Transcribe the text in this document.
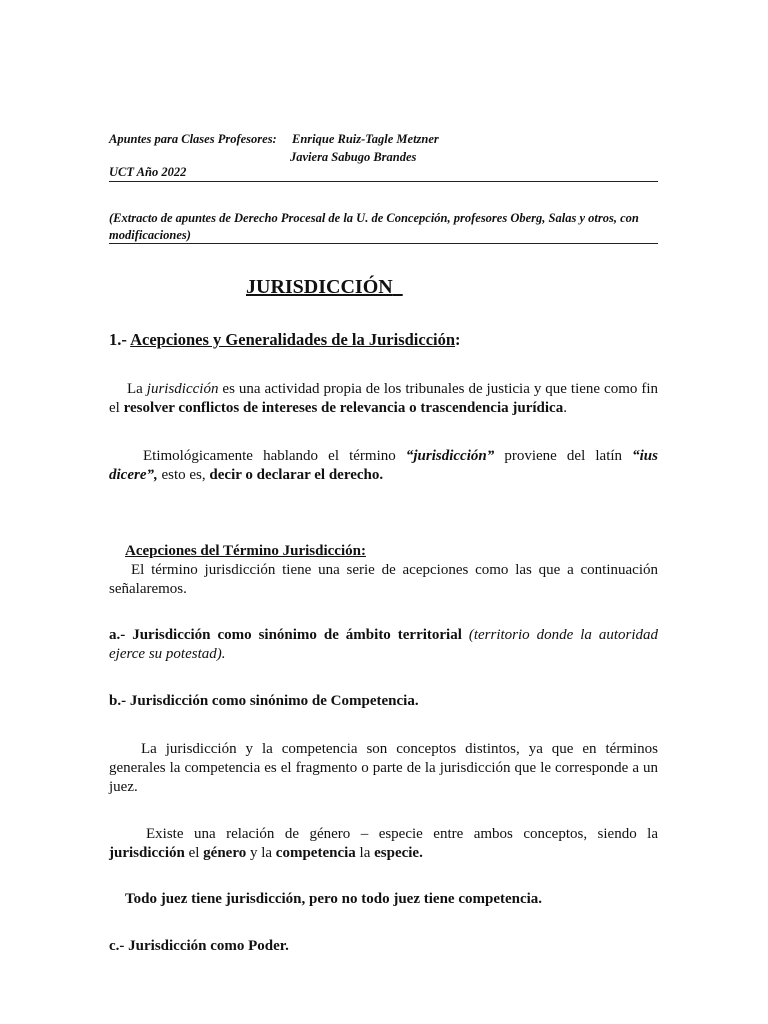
Apuntes para Clases Profesores: Enrique Ruiz-Tagle Metzner
Javiera Sabugo Brandes
UCT Año 2022
(Extracto de apuntes de Derecho Procesal de la U. de Concepción, profesores Oberg, Salas y otros, con modificaciones)
JURISDICCIÓN
1.- Acepciones y Generalidades de la Jurisdicción:
La jurisdicción es una actividad propia de los tribunales de justicia y que tiene como fin el resolver conflictos de intereses de relevancia o trascendencia jurídica.
Etimológicamente hablando el término “jurisdicción” proviene del latín “ius dicere”, esto es, decir o declarar el derecho.
Acepciones del Término Jurisdicción:
El término jurisdicción tiene una serie de acepciones como las que a continuación señalaremos.
a.- Jurisdicción como sinónimo de ámbito territorial (territorio donde la autoridad ejerce su potestad).
b.- Jurisdicción como sinónimo de Competencia.
La jurisdicción y la competencia son conceptos distintos, ya que en términos generales la competencia es el fragmento o parte de la jurisdicción que le corresponde a un juez.
Existe una relación de género – especie entre ambos conceptos, siendo la jurisdicción el género y la competencia la especie.
Todo juez tiene jurisdicción, pero no todo juez tiene competencia.
c.- Jurisdicción como Poder.
